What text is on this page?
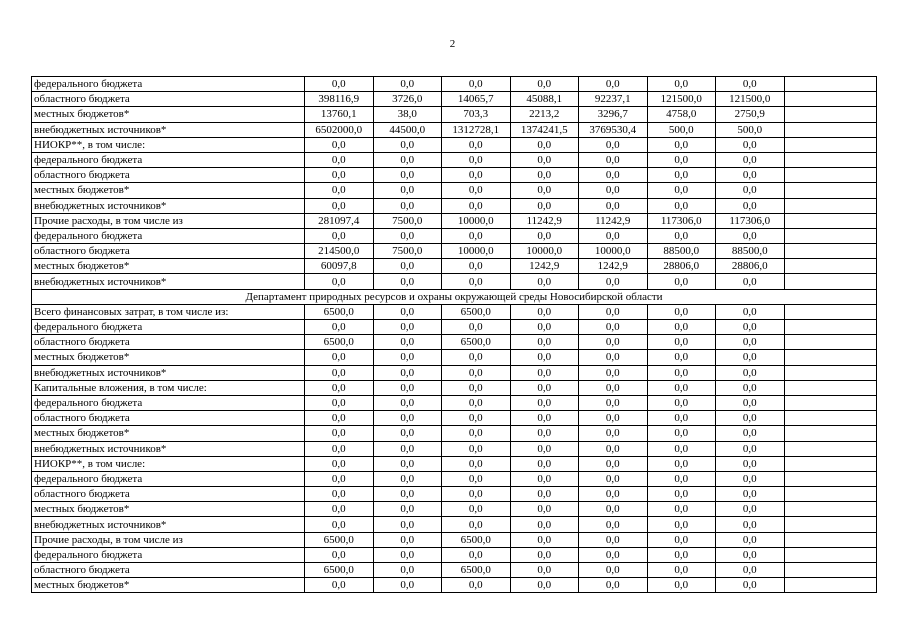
2
федерального бюджета	0,0	0,0	0,0	0,0	0,0	0,0	0,0	
областного бюджета	398116,9	3726,0	14065,7	45088,1	92237,1	121500,0	121500,0	
местных бюджетов*	13760,1	38,0	703,3	2213,2	3296,7	4758,0	2750,9	
внебюджетных источников*	6502000,0	44500,0	1312728,1	1374241,5	3769530,4	500,0	500,0	
НИОКР**, в том числе:	0,0	0,0	0,0	0,0	0,0	0,0	0,0	
федерального бюджета	0,0	0,0	0,0	0,0	0,0	0,0	0,0	
областного бюджета	0,0	0,0	0,0	0,0	0,0	0,0	0,0	
местных бюджетов*	0,0	0,0	0,0	0,0	0,0	0,0	0,0	
внебюджетных источников*	0,0	0,0	0,0	0,0	0,0	0,0	0,0	
Прочие расходы, в том числе из	281097,4	7500,0	10000,0	11242,9	11242,9	117306,0	117306,0	
федерального бюджета	0,0	0,0	0,0	0,0	0,0	0,0	0,0	
областного бюджета	214500,0	7500,0	10000,0	10000,0	10000,0	88500,0	88500,0	
местных бюджетов*	60097,8	0,0	0,0	1242,9	1242,9	28806,0	28806,0	
внебюджетных источников*	0,0	0,0	0,0	0,0	0,0	0,0	0,0	
Департамент природных ресурсов и охраны окружающей среды Новосибирской области								
Всего финансовых затрат, в том числе из:	6500,0	0,0	6500,0	0,0	0,0	0,0	0,0	
федерального бюджета	0,0	0,0	0,0	0,0	0,0	0,0	0,0	
областного бюджета	6500,0	0,0	6500,0	0,0	0,0	0,0	0,0	
местных бюджетов*	0,0	0,0	0,0	0,0	0,0	0,0	0,0	
внебюджетных источников*	0,0	0,0	0,0	0,0	0,0	0,0	0,0	
Капитальные вложения, в том числе:	0,0	0,0	0,0	0,0	0,0	0,0	0,0	
федерального бюджета	0,0	0,0	0,0	0,0	0,0	0,0	0,0	
областного бюджета	0,0	0,0	0,0	0,0	0,0	0,0	0,0	
местных бюджетов*	0,0	0,0	0,0	0,0	0,0	0,0	0,0	
внебюджетных источников*	0,0	0,0	0,0	0,0	0,0	0,0	0,0	
НИОКР**, в том числе:	0,0	0,0	0,0	0,0	0,0	0,0	0,0	
федерального бюджета	0,0	0,0	0,0	0,0	0,0	0,0	0,0	
областного бюджета	0,0	0,0	0,0	0,0	0,0	0,0	0,0	
местных бюджетов*	0,0	0,0	0,0	0,0	0,0	0,0	0,0	
внебюджетных источников*	0,0	0,0	0,0	0,0	0,0	0,0	0,0	
Прочие расходы, в том числе из	6500,0	0,0	6500,0	0,0	0,0	0,0	0,0	
федерального бюджета	0,0	0,0	0,0	0,0	0,0	0,0	0,0	
областного бюджета	6500,0	0,0	6500,0	0,0	0,0	0,0	0,0	
местных бюджетов*	0,0	0,0	0,0	0,0	0,0	0,0	0,0	
